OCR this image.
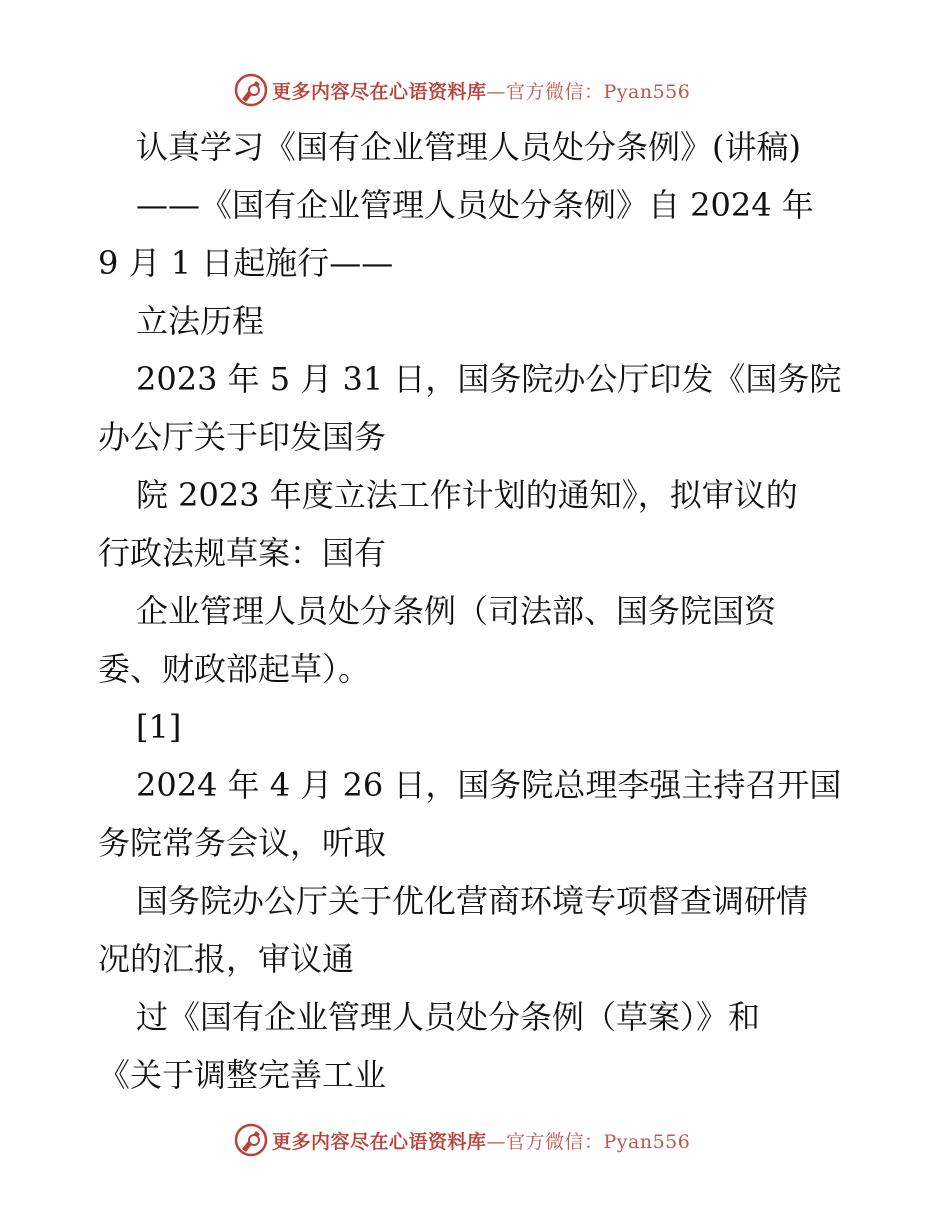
更多内容尽在心语资料库—官方微信：Pyan556
认真学习《国有企业管理人员处分条例》(讲稿)
——《国有企业管理人员处分条例》自 2024 年
9 月 1 日起施行——
立法历程
2023 年 5 月 31 日，国务院办公厅印发《国务院
办公厅关于印发国务
院 2023 年度立法工作计划的通知》，拟审议的
行政法规草案：国有
企业管理人员处分条例（司法部、国务院国资
委、财政部起草）。
[1]
2024 年 4 月 26 日，国务院总理李强主持召开国
务院常务会议，听取
国务院办公厅关于优化营商环境专项督查调研情
况的汇报，审议通
过《国有企业管理人员处分条例（草案）》和
《关于调整完善工业
更多内容尽在心语资料库—官方微信：Pyan556
